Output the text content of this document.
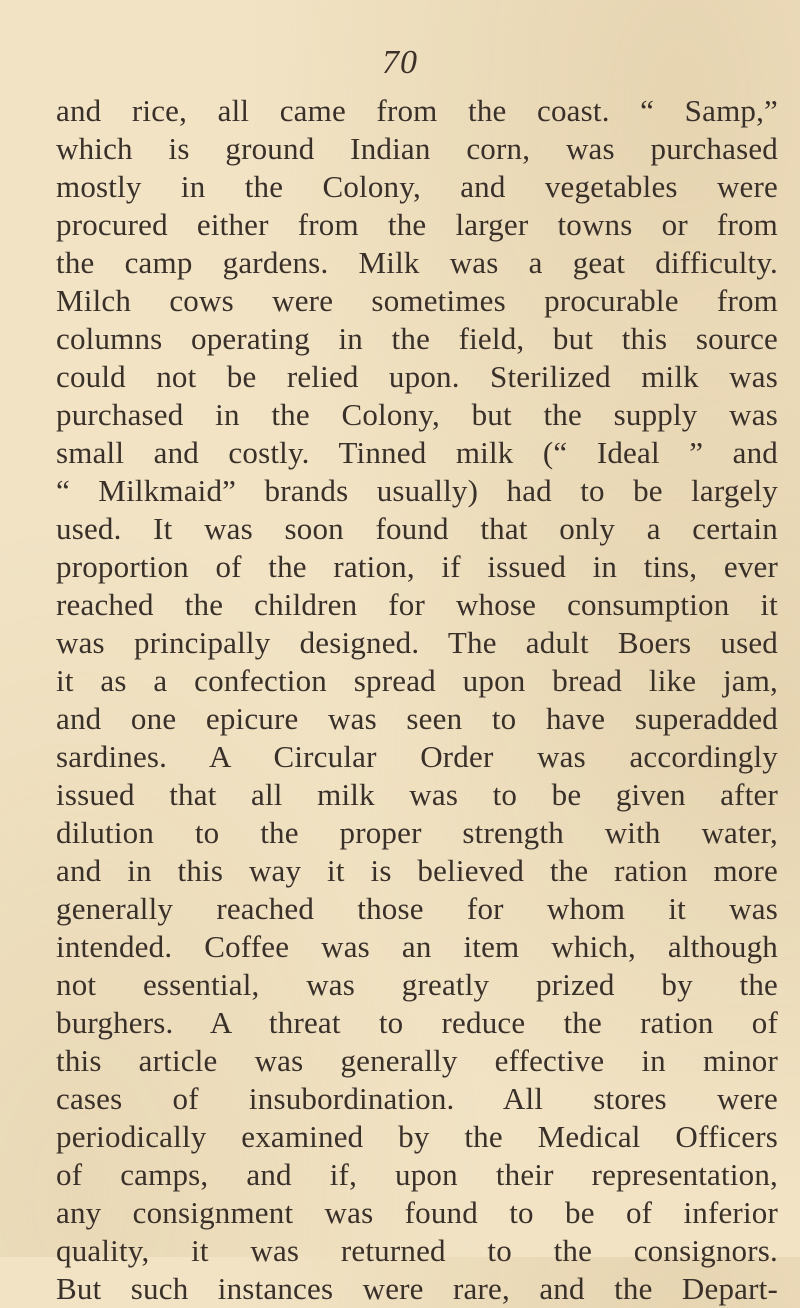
70
and rice, all came from the coast. “ Samp,”
which is ground Indian corn, was purchased
mostly in the Colony, and vegetables were
procured either from the larger towns or from
the camp gardens. Milk was a geat difficulty.
Milch cows were sometimes procurable from
columns operating in the field, but this source
could not be relied upon. Sterilized milk was
purchased in the Colony, but the supply was
small and costly. Tinned milk (“ Ideal ” and
“ Milkmaid” brands usually) had to be largely
used. It was soon found that only a certain
proportion of the ration, if issued in tins, ever
reached the children for whose consumption it
was principally designed. The adult Boers used
it as a confection spread upon bread like jam,
and one epicure was seen to have superadded
sardines. A Circular Order was accordingly
issued that all milk was to be given after
dilution to the proper strength with water,
and in this way it is believed the ration more
generally reached those for whom it was
intended. Coffee was an item which, although
not essential, was greatly prized by the
burghers. A threat to reduce the ration of
this article was generally effective in minor
cases of insubordination. All stores were
periodically examined by the Medical Officers
of camps, and if, upon their representation,
any consignment was found to be of inferior
quality, it was returned to the consignors.
But such instances were rare, and the Depart-
